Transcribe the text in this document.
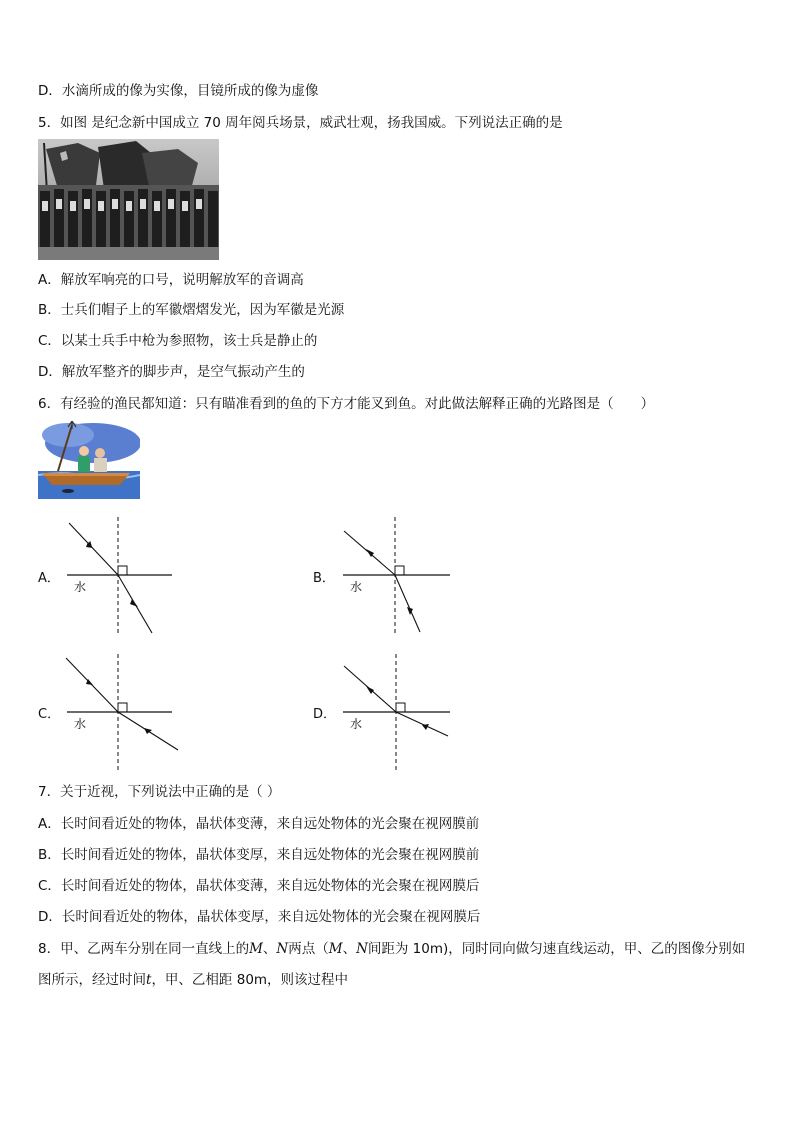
D．水滴所成的像为实像，目镜所成的像为虚像
5．如图 是纪念新中国成立 70 周年阅兵场景，威武壮观，扬我国威。下列说法正确的是
A．解放军响亮的口号，说明解放军的音调高
B．士兵们帽子上的军徽熠熠发光，因为军徽是光源
C．以某士兵手中枪为参照物，该士兵是静止的
D．解放军整齐的脚步声，是空气振动产生的
6．有经验的渔民都知道：只有瞄准看到的鱼的下方才能叉到鱼。对此做法解释正确的光路图是（　　）
A．
水
B．
水
C．
水
D．
水
7．关于近视，下列说法中正确的是（ ）
A．长时间看近处的物体，晶状体变薄，来自远处物体的光会聚在视网膜前
B．长时间看近处的物体，晶状体变厚，来自远处物体的光会聚在视网膜前
C．长时间看近处的物体，晶状体变薄，来自远处物体的光会聚在视网膜后
D．长时间看近处的物体，晶状体变厚，来自远处物体的光会聚在视网膜后
8．甲、乙两车分别在同一直线上的M、N两点（M、N间距为 10m)，同时同向做匀速直线运动，甲、乙的图像分别如
图所示，经过时间t，甲、乙相距 80m，则该过程中
